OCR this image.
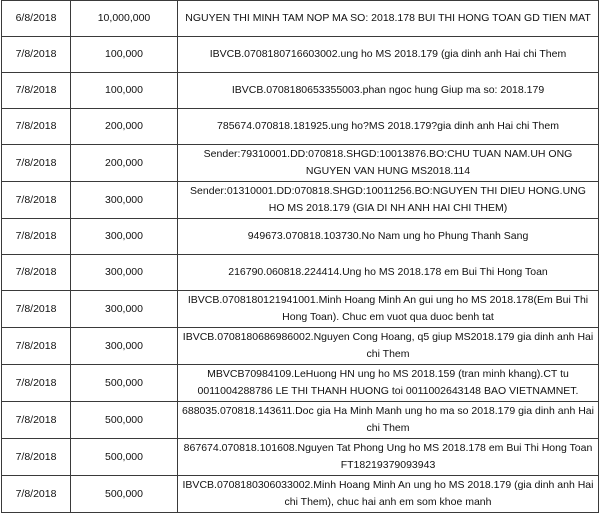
6/8/2018	10,000,000	NGUYEN THI MINH TAM NOP MA SO: 2018.178 BUI THI HONG TOAN GD TIEN MAT
7/8/2018	100,000	IBVCB.0708180716603002.ung ho MS 2018.179 (gia dinh anh Hai chi Them
7/8/2018	100,000	IBVCB.0708180653355003.phan ngoc hung Giup ma so: 2018.179
7/8/2018	200,000	785674.070818.181925.ung ho?MS 2018.179?gia dinh anh Hai chi Them
7/8/2018	200,000	Sender:79310001.DD:070818.SHGD:10013876.BO:CHU TUAN NAM.UH ONG NGUYEN VAN HUNG MS2018.114
7/8/2018	300,000	Sender:01310001.DD:070818.SHGD:10011256.BO:NGUYEN THI DIEU HONG.UNG HO MS 2018.179 (GIA DI NH ANH HAI CHI THEM)
7/8/2018	300,000	949673.070818.103730.No Nam ung ho Phung Thanh Sang
7/8/2018	300,000	216790.060818.224414.Ung ho MS 2018.178 em Bui Thi Hong Toan
7/8/2018	300,000	IBVCB.0708180121941001.Minh Hoang Minh An gui ung ho MS 2018.178(Em Bui Thi Hong Toan). Chuc em vuot qua duoc benh tat
7/8/2018	300,000	IBVCB.0708180686986002.Nguyen Cong Hoang, q5 giup MS2018.179 gia dinh anh Hai chi Them
7/8/2018	500,000	MBVCB70984109.LeHuong HN ung ho MS 2018.159 (tran minh khang).CT tu 0011004288786 LE THI THANH HUONG toi 0011002643148 BAO VIETNAMNET.
7/8/2018	500,000	688035.070818.143611.Doc gia Ha Minh Manh ung ho ma so 2018.179 gia dinh anh Hai chi Them
7/8/2018	500,000	867674.070818.101608.Nguyen Tat Phong Ung ho MS 2018.178 em Bui Thi Hong Toan FT18219379093943
7/8/2018	500,000	IBVCB.0708180306033002.Minh Hoang Minh An ung ho MS 2018.179 (gia dinh anh Hai chi Them), chuc hai anh em som khoe manh
